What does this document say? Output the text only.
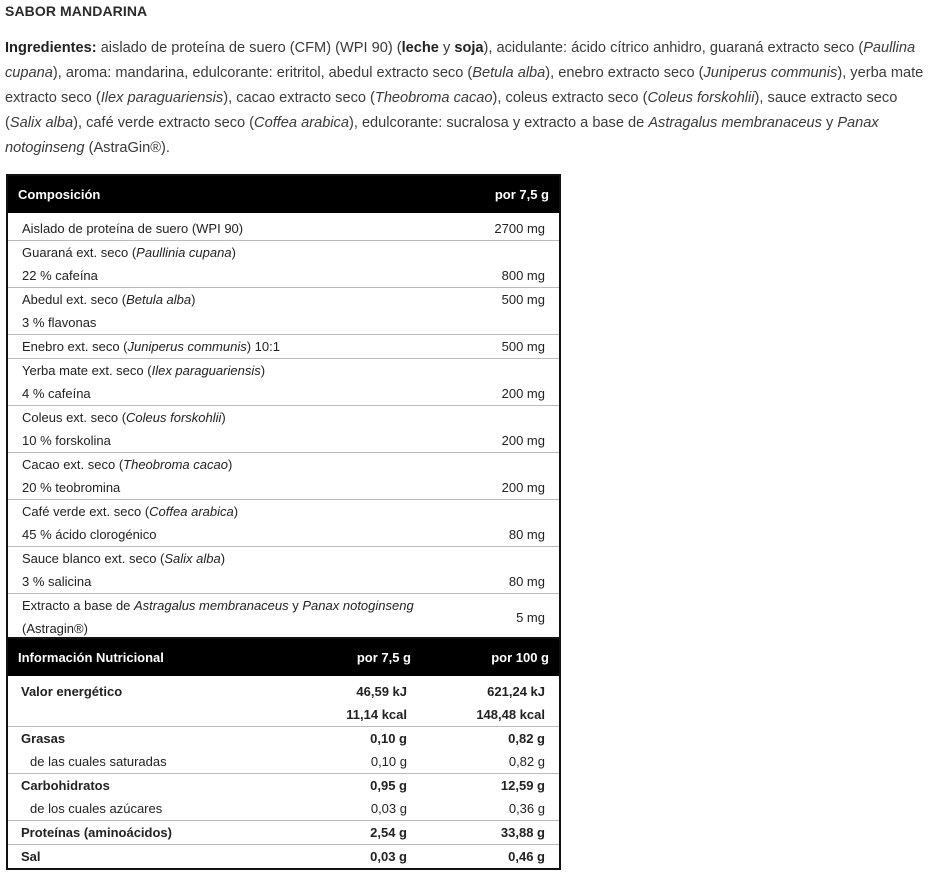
SABOR MANDARINA

Ingredientes: aislado de proteína de suero (CFM) (WPI 90) (leche y soja), acidulante: ácido cítrico anhidro, guaraná extracto seco (Paullina cupana), aroma: mandarina, edulcorante: eritritol, abedul extracto seco (Betula alba), enebro extracto seco (Juniperus communis), yerba mate extracto seco (Ilex paraguariensis), cacao extracto seco (Theobroma cacao), coleus extracto seco (Coleus forskohlii), sauce extracto seco (Salix alba), café verde extracto seco (Coffea arabica), edulcorante: sucralosa y extracto a base de Astragalus membranaceus y Panax notoginseng (AstraGin®).

Composición	por 7,5 g
Aislado de proteína de suero (WPI 90)	2700 mg
Guaraná ext. seco (Paullinia cupana)	
22 % cafeína	800 mg
Abedul ext. seco (Betula alba)	500 mg
3 % flavonas	
Enebro ext. seco (Juniperus communis) 10:1	500 mg
Yerba mate ext. seco (Ilex paraguariensis)	
4 % cafeína	200 mg
Coleus ext. seco (Coleus forskohlii)	
10 % forskolina	200 mg
Cacao ext. seco (Theobroma cacao)	
20 % teobromina	200 mg
Café verde ext. seco (Coffea arabica)	
45 % ácido clorogénico	80 mg
Sauce blanco ext. seco (Salix alba)	
3 % salicina	80 mg
Extracto a base de Astragalus membranaceus y Panax notoginseng (Astragin®)	5 mg
Información Nutricional	por 7,5 g	por 100 g
Valor energético	46,59 kJ	621,24 kJ
	11,14 kcal	148,48 kcal
Grasas	0,10 g	0,82 g
de las cuales saturadas	0,10 g	0,82 g
Carbohidratos	0,95 g	12,59 g
de los cuales azúcares	0,03 g	0,36 g
Proteínas (aminoácidos)	2,54 g	33,88 g
Sal	0,03 g	0,46 g
